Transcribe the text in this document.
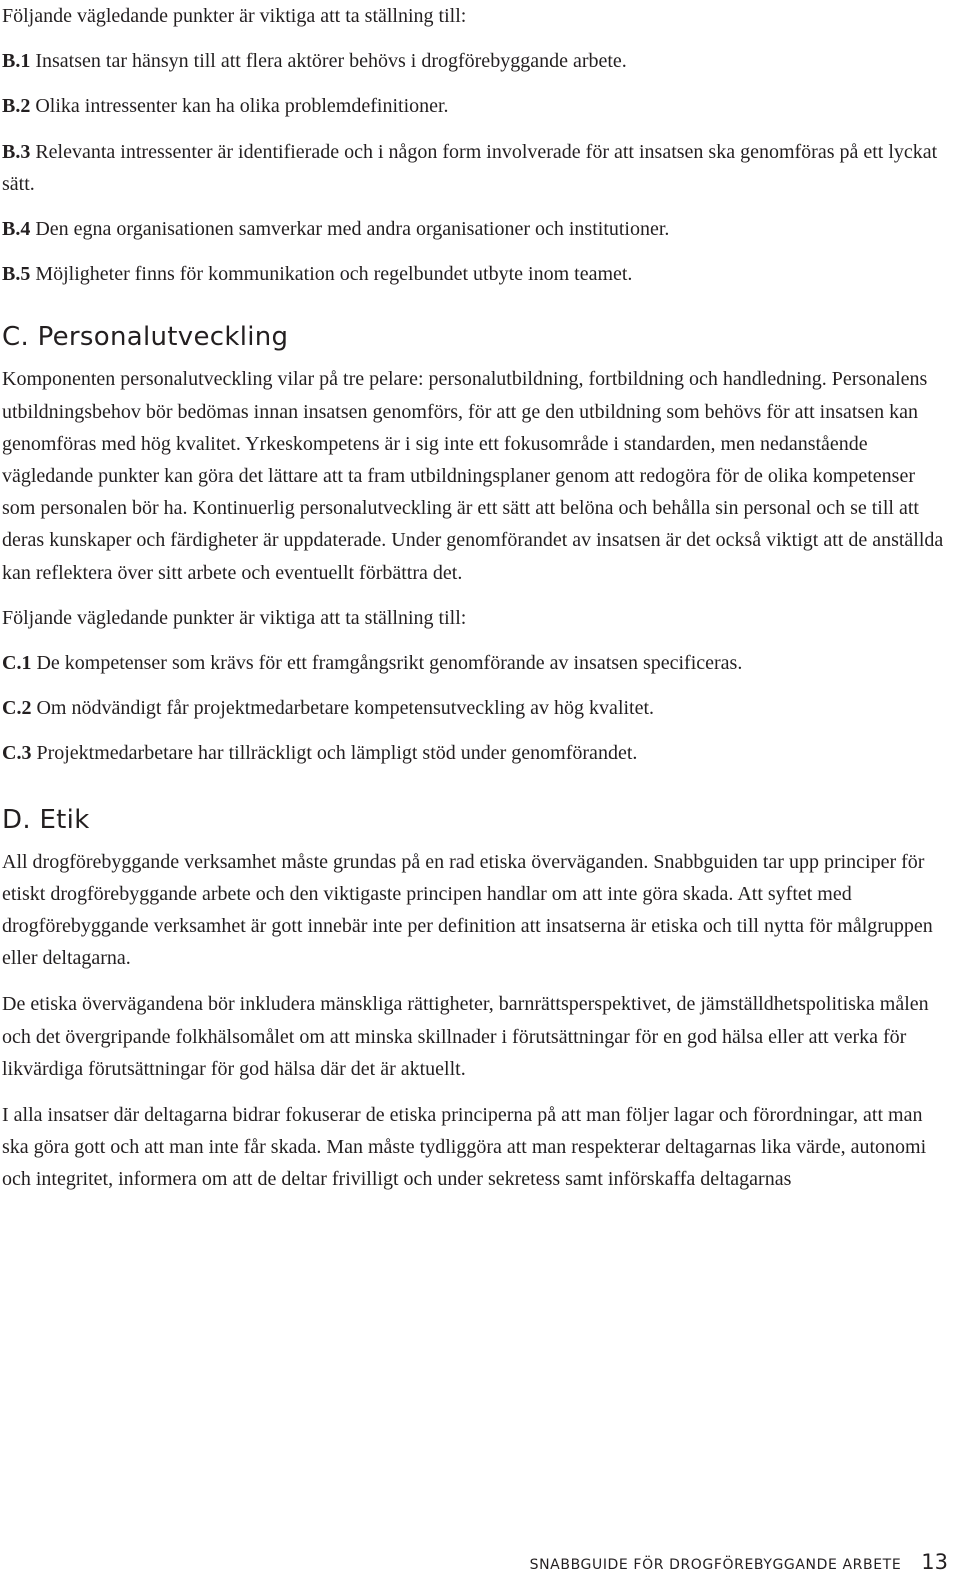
Följande vägledande punkter är viktiga att ta ställning till:

B.1 Insatsen tar hänsyn till att flera aktörer behövs i drogförebyggande arbete.

B.2 Olika intressenter kan ha olika problemdefinitioner.

B.3 Relevanta intressenter är identifierade och i någon form involverade för att insatsen ska genomföras på ett lyckat sätt.

B.4 Den egna organisationen samverkar med andra organisationer och institutioner.

B.5 Möjligheter finns för kommunikation och regelbundet utbyte inom teamet.

C. Personalutveckling

Komponenten personalutveckling vilar på tre pelare: personalutbildning, fortbildning och handledning. Personalens utbildningsbehov bör bedömas innan insatsen genomförs, för att ge den utbildning som behövs för att insatsen kan genomföras med hög kvalitet. Yrkeskompetens är i sig inte ett fokusområde i standarden, men nedanstående vägledande punkter kan göra det lättare att ta fram utbildningsplaner genom att redogöra för de olika kompetenser som personalen bör ha. Kontinuerlig personalutveckling är ett sätt att belöna och behålla sin personal och se till att deras kunskaper och färdigheter är uppdaterade. Under genomförandet av insatsen är det också viktigt att de anställda kan reflektera över sitt arbete och eventuellt förbättra det.

Följande vägledande punkter är viktiga att ta ställning till:

C.1 De kompetenser som krävs för ett framgångsrikt genomförande av insatsen specificeras.

C.2 Om nödvändigt får projektmedarbetare kompetensutveckling av hög kvalitet.

C.3 Projektmedarbetare har tillräckligt och lämpligt stöd under genomförandet.

D. Etik

All drogförebyggande verksamhet måste grundas på en rad etiska överväganden. Snabbguiden tar upp principer för etiskt drogförebyggande arbete och den viktigaste principen handlar om att inte göra skada. Att syftet med drogförebyggande verksamhet är gott innebär inte per definition att insatserna är etiska och till nytta för målgruppen eller deltagarna.

De etiska övervägandena bör inkludera mänskliga rättigheter, barnrättsperspektivet, de jämställdhetspolitiska målen och det övergripande folkhälsomålet om att minska skillnader i förutsättningar för en god hälsa eller att verka för likvärdiga förutsättningar för god hälsa där det är aktuellt.

I alla insatser där deltagarna bidrar fokuserar de etiska principerna på att man följer lagar och förordningar, att man ska göra gott och att man inte får skada. Man måste tydliggöra att man respekterar deltagarnas lika värde, autonomi och integritet, informera om att de deltar frivilligt och under sekretess samt införskaffa deltagarnas

SNABBGUIDE FÖR DROGFÖREBYGGANDE ARBETE 13
